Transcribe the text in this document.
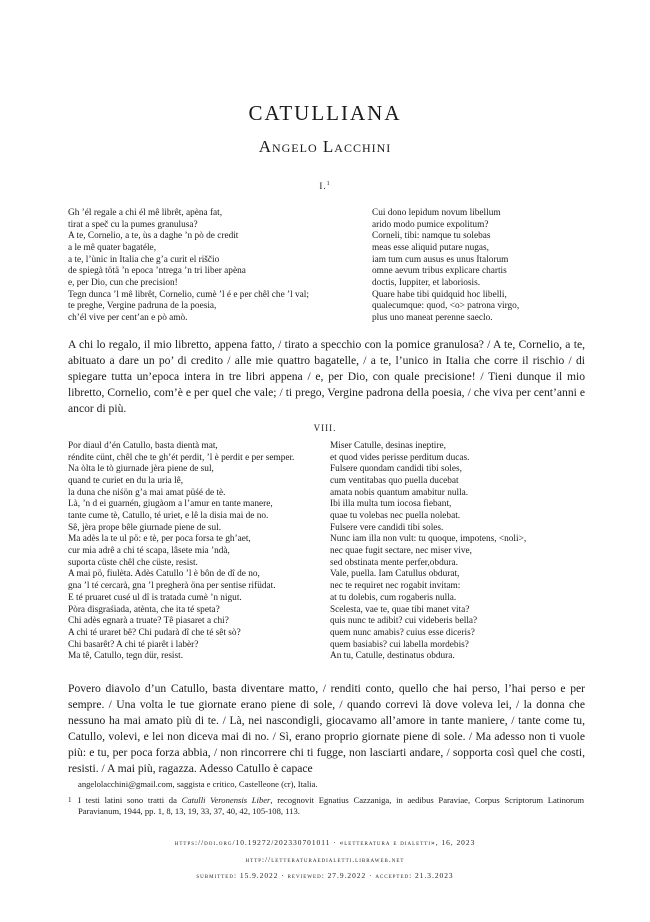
CATULLIANA
Angelo Lacchini
I.$^1$
Gh ’él regale a chi él mê librêt, apèna fat,
tirat a speč cu la pumes granulusa?
A te, Cornelio, a te, ùs a daghe ’n pò de credit
a le mê quater bagatéle,
a te, l’ùnic in Italia che g’a curit el riščio
de spiegà tötä ’n epoca ’ntrega ’n tri liber apèna
e, per Dio, cun che precision!
Tegn dunca ’l mê librêt, Cornelio, cumè ’l é e per chêl che ’l val;
te preghe, Vergine padruna de la poesia,
ch’él vive per cent’an e pò amò.
Cui dono lepidum novum libellum
arido modo pumice expolitum?
Corneli, tibi: namque tu solebas
meas esse aliquid putare nugas,
iam tum cum ausus es unus Italorum
omne aevum tribus explicare chartis
doctis, Iuppiter, et laboriosis.
Quare habe tibi quidquid hoc libelli,
qualecumque: quod, <o> patrona virgo,
plus uno maneat perenne saeclo.
A chi lo regalo, il mio libretto, appena fatto, / tirato a specchio con la pomice granulosa? / A te, Cornelio, a te, abituato a dare un po’ di credito / alle mie quattro bagatelle, / a te, l’unico in Italia che corre il rischio / di spiegare tutta un’epoca intera in tre libri appena / e, per Dio, con quale precisione! / Tieni dunque il mio libretto, Cornelio, com’è e per quel che vale; / ti prego, Vergine padrona della poesia, / che viva per cent’anni e ancor di più.
VIII.
Por diaul d’én Catullo, basta dientà mat,
réndite cünt, chêl che te gh’ét perdit, ’l è perdit e per semper.
Na òlta le tò giurnade jèra piene de sul,
quand te curiet en du la uria lê,
la duna che niśön g’a mai amat püśé de tè.
Là, ’n d ei guarnén, giugàom a l’amur en tante manere,
tante cume tè, Catullo, té uriet, e lê la disia mai de no.
Sê, jèra prope bêle giurnade piene de sul.
Ma adès la te ul pö: e tè, per poca forsa te gh’aet,
cur mia adrê a chi té scapa, lâsete mia ’ndà,
suporta cüste chêl che cüste, resist.
A mai pö, fiulèta. Adès Catullo ’l è bôn de dî de no,
gna ’l té cercarà, gna ’l pregherà öna per sentise rifüdat.
E té pruaret cusé ul dî is tratada cumè ’n nigut.
Pòra disgraśiada, atènta, che ita té speta?
Chi adès egnarà a truate? Tê piasaret a chi?
A chi té uraret bê? Chi pudarà dî che té sêt sò?
Chi basarêt? A chi té piarêt i labèr?
Ma tê, Catullo, tegn dür, resist.
Miser Catulle, desinas ineptire,
et quod vides perisse perditum ducas.
Fulsere quondam candidi tibi soles,
cum ventitabas quo puella ducebat
amata nobis quantum amabitur nulla.
Ibi illa multa tum iocosa fiebant,
quae tu volebas nec puella nolebat.
Fulsere vere candidi tibi soles.
Nunc iam illa non vult: tu quoque, impotens, <noli>,
nec quae fugit sectare, nec miser vive,
sed obstinata mente perfer,obdura.
Vale, puella. Iam Catullus obdurat,
nec te requiret nec rogabit invitam:
at tu dolebis, cum rogaberis nulla.
Scelesta, vae te, quae tibi manet vita?
quis nunc te adibit? cui videberis bella?
quem nunc amabis? cuius esse diceris?
quem basiabis? cui labella mordebis?
An tu, Catulle, destinatus obdura.
Povero diavolo d’un Catullo, basta diventare matto, / renditi conto, quello che hai perso, l’hai perso e per sempre. / Una volta le tue giornate erano piene di sole, / quando correvi là dove voleva lei, / la donna che nessuno ha mai amato più di te. / Là, nei nascondigli, giocavamo all’amore in tante maniere, / tante come tu, Catullo, volevi, e lei non diceva mai di no. / Sì, erano proprio giornate piene di sole. / Ma adesso non ti vuole più: e tu, per poca forza abbia, / non rincorrere chi ti fugge, non lasciarti andare, / sopporta così quel che costi, resisti. / A mai più, ragazza. Adesso Catullo è capace
angelolacchini@gmail.com, saggista e critico, Castelleone (cr), Italia.
1 I testi latini sono tratti da Catulli Veronensis Liber, recognovit Egnatius Cazzaniga, in aedibus Paraviae, Corpus Scriptorum Latinorum Paravianum, 1944, pp. 1, 8, 13, 19, 33, 37, 40, 42, 105-108, 113.
https://doi.org/10.19272/202330701011 · «letteratura e dialetti», 16, 2023
http://letteraturaedialetti.libraweb.net
submitted: 15.9.2022 · reviewed: 27.9.2022 · accepted: 21.3.2023
